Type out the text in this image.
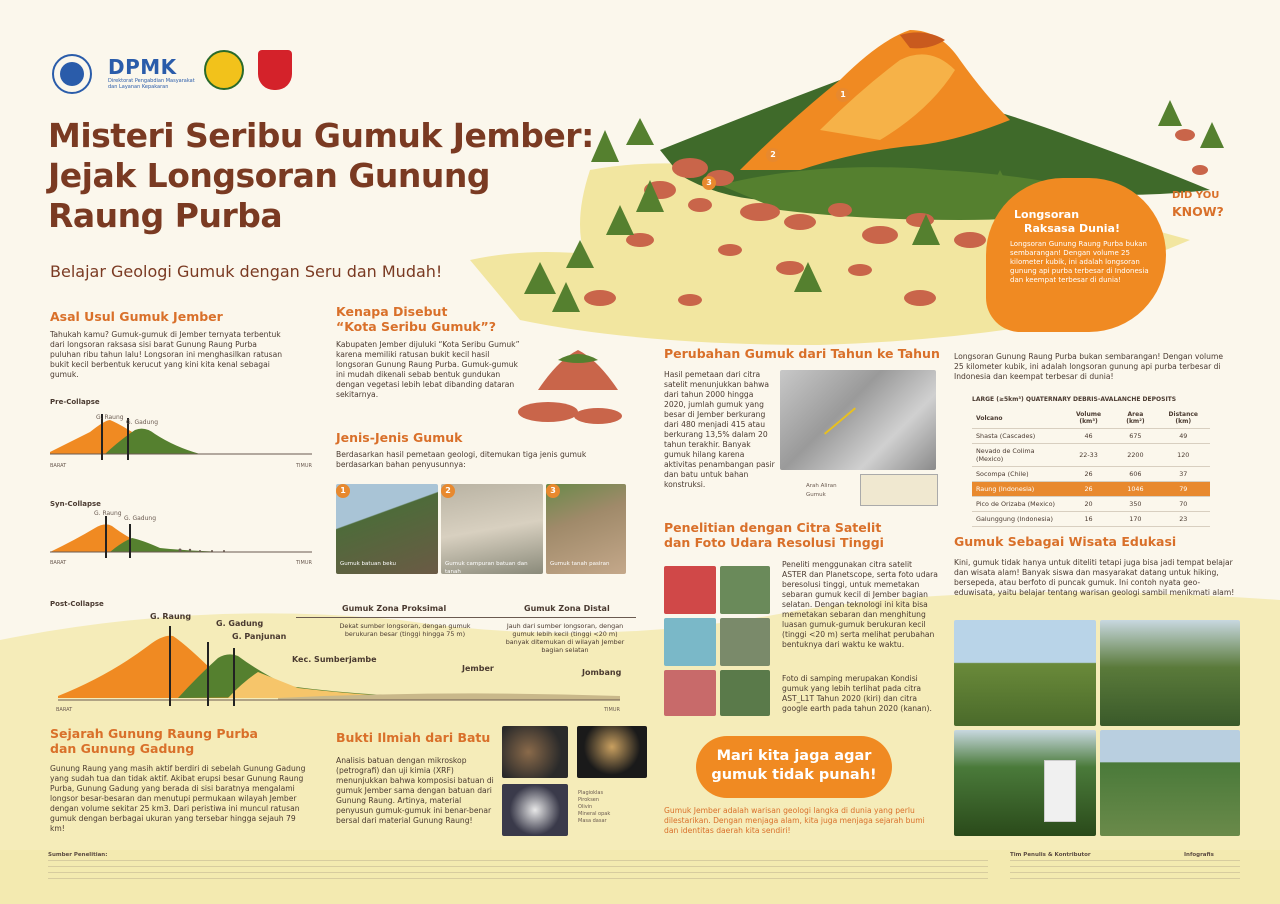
1
2
3
DPMK
Direktorat Pengabdian Masyarakat dan Layanan Kepakaran
Misteri Seribu Gumuk Jember:
Jejak Longsoran Gunung
Raung Purba
Belajar Geologi Gumuk dengan Seru dan Mudah!
Asal Usul Gumuk Jember
Tahukah kamu? Gumuk-gumuk di Jember ternyata terbentuk dari longsoran raksasa sisi barat Gunung Raung Purba puluhan ribu tahun lalu! Longsoran ini menghasilkan ratusan bukit kecil berbentuk kerucut yang kini kita kenal sebagai gumuk.
Pre-Collapse
G. Raung
G. Gadung
BARAT	TIMUR
Syn-Collapse
G. Raung
G. Gadung
BARAT	TIMUR
Post-Collapse
G. Raung
G. Gadung
G. Panjunan
Kec. Sumberjambe
Jember	Jombang
BARAT	TIMUR
Gumuk Zona Proksimal	Gumuk Zona Distal
Dekat sumber longsoran, dengan gumuk berukuran besar (tinggi hingga 75 m)
Jauh dari sumber longsoran, dengan gumuk lebih kecil (tinggi <20 m) banyak ditemukan di wilayah Jember bagian selatan
Kenapa Disebut
“Kota Seribu Gumuk”?
Kabupaten Jember dijuluki “Kota Seribu Gumuk” karena memiliki ratusan bukit kecil hasil longsoran Gunung Raung Purba. Gumuk-gumuk ini mudah dikenali sebab bentuk gundukan dengan vegetasi lebih lebat dibanding dataran sekitarnya.
Jenis-Jenis Gumuk
Berdasarkan hasil pemetaan geologi, ditemukan tiga jenis gumuk berdasarkan bahan penyusunnya:
Gumuk batuan beku	Gumuk campuran batuan dan tanah
Gumuk tanah pasiran
1	2	3
Sejarah Gunung Raung Purba
dan Gunung Gadung
Gunung Raung yang masih aktif berdiri di sebelah Gunung Gadung yang sudah tua dan tidak aktif. Akibat erupsi besar Gunung Raung Purba, Gunung Gadung yang berada di sisi baratnya mengalami longsor besar-besaran dan menutupi permukaan wilayah Jember dengan volume sekitar 25 km3. Dari peristiwa ini muncul ratusan gumuk dengan berbagai ukuran yang tersebar hingga sejauh 79 km!
Bukti Ilmiah dari Batu
Analisis batuan dengan mikroskop (petrografi) dan uji kimia (XRF) menunjukkan bahwa komposisi batuan di gumuk Jember sama dengan batuan dari Gunung Raung. Artinya, material penyusun gumuk-gumuk ini benar-benar bersal dari material Gunung Raung!
Plagioklas
Piroksen
Olivin
Mineral opak
Masa dasar
Perubahan Gumuk dari Tahun ke Tahun
Hasil pemetaan dari citra satelit menunjukkan bahwa dari tahun 2000 hingga 2020, jumlah gumuk yang besar di Jember berkurang dari 480 menjadi 415 atau berkurang 13,5% dalam 20 tahun terakhir. Banyak gumuk hilang karena aktivitas penambangan pasir dan batu untuk bahan konstruksi.	Arah Aliran
Gumuk
Penelitian dengan Citra Satelit
dan Foto Udara Resolusi Tinggi
Peneliti menggunakan citra satelit ASTER dan Planetscope, serta foto udara beresolusi tinggi, untuk memetakan sebaran gumuk kecil di Jember bagian selatan. Dengan teknologi ini kita bisa memetakan sebaran dan menghitung luasan gumuk-gumuk berukuran kecil (tinggi <20 m) serta melihat perubahan bentuknya dari waktu ke waktu.
Foto di samping merupakan Kondisi gumuk yang lebih terlihat pada citra AST_L1T Tahun 2020 (kiri) dan citra google earth pada tahun 2020 (kanan).
Mari kita jaga agar
gumuk tidak punah!
Gumuk Jember adalah warisan geologi langka di dunia yang perlu dilestarikan. Dengan menjaga alam, kita juga menjaga sejarah bumi dan identitas daerah kita sendiri!
DID YOU
KNOW?
Longsoran
Raksasa Dunia!
Longsoran Gunung Raung Purba bukan sembarangan! Dengan volume 25 kilometer kubik, ini adalah longsoran gunung api purba terbesar di Indonesia dan keempat terbesar di dunia!
Longsoran Gunung Raung Purba bukan sembarangan! Dengan volume 25 kilometer kubik, ini adalah longsoran gunung api purba terbesar di Indonesia dan keempat terbesar di dunia!
LARGE (≥5km³) QUATERNARY DEBRIS-AVALANCHE DEPOSITS
Volcano	Volume (km³)	Area (km²)	Distance (km)
Shasta (Cascades)	46	675	49
Nevado de Colima (Mexico)	22-33	2200	120
Socompa (Chile)	26	606	37
Raung (Indonesia)	26	1046	79
Pico de Orizaba (Mexico)	20	350	70
Galunggung (Indonesia)	16	170	23
Gumuk Sebagai Wisata Edukasi
Kini, gumuk tidak hanya untuk diteliti tetapi juga bisa jadi tempat belajar dan wisata alam! Banyak siswa dan masyarakat datang untuk hiking, bersepeda, atau berfoto di puncak gumuk. Ini contoh nyata geo-eduwisata, yaitu belajar tentang warisan geologi sambil menikmati alam!
Sumber Penelitian:	Tim Penulis & Kontributor	Infografis
